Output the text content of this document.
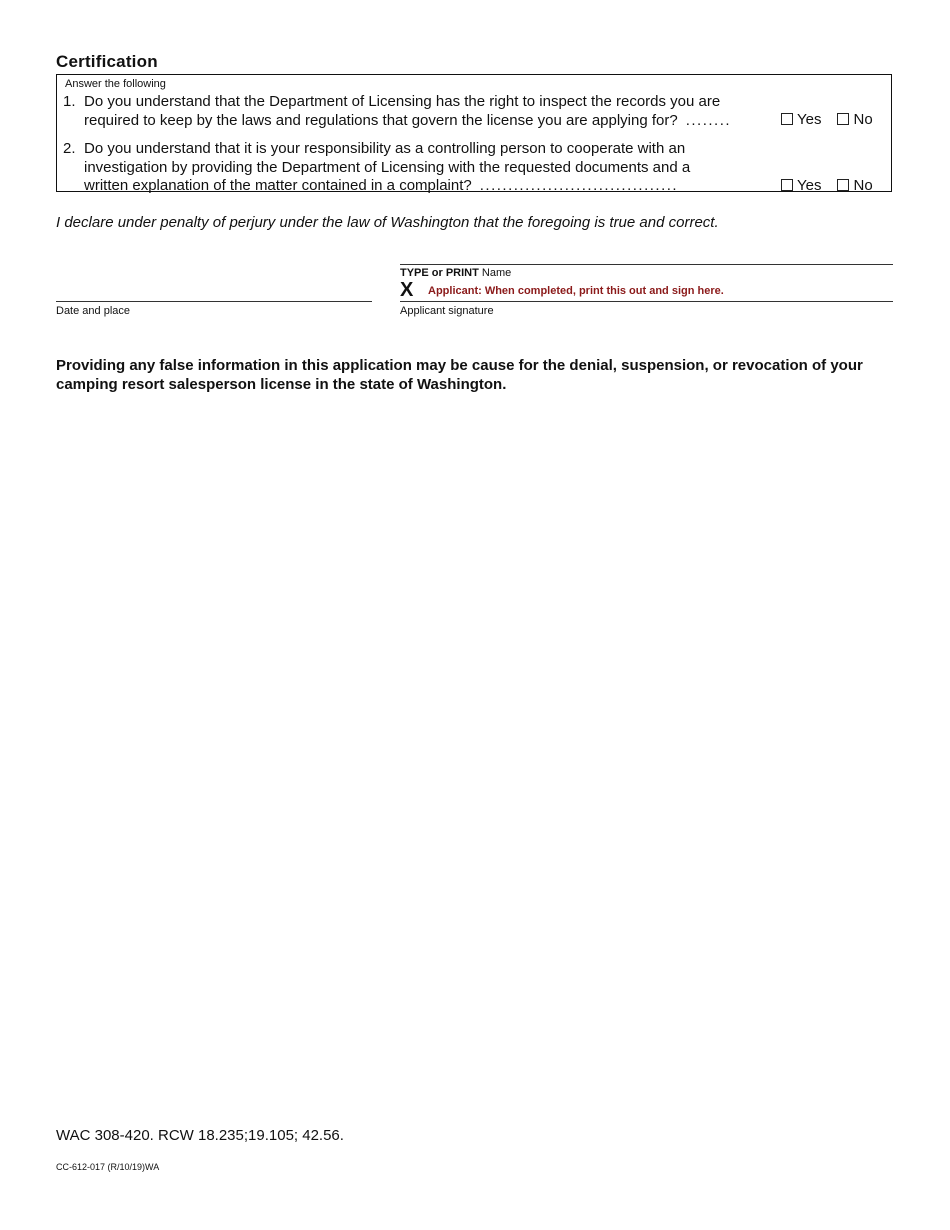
Certification
Answer the following
1. Do you understand that the Department of Licensing has the right to inspect the records you are
required to keep by the laws and regulations that govern the license you are applying for? ........	Yes No
2. Do you understand that it is your responsibility as a controlling person to cooperate with an
investigation by providing the Department of Licensing with the requested documents and a
written explanation of the matter contained in a complaint? ...................................	Yes No
I declare under penalty of perjury under the law of Washington that the foregoing is true and correct.
TYPE or PRINT Name
X Applicant: When completed, print this out and sign here.
Date and place	Applicant signature
Providing any false information in this application may be cause for the denial, suspension, or revocation of your camping resort salesperson license in the state of Washington.
WAC 308-420. RCW 18.235;19.105; 42.56.
CC-612-017 (R/10/19)WA
